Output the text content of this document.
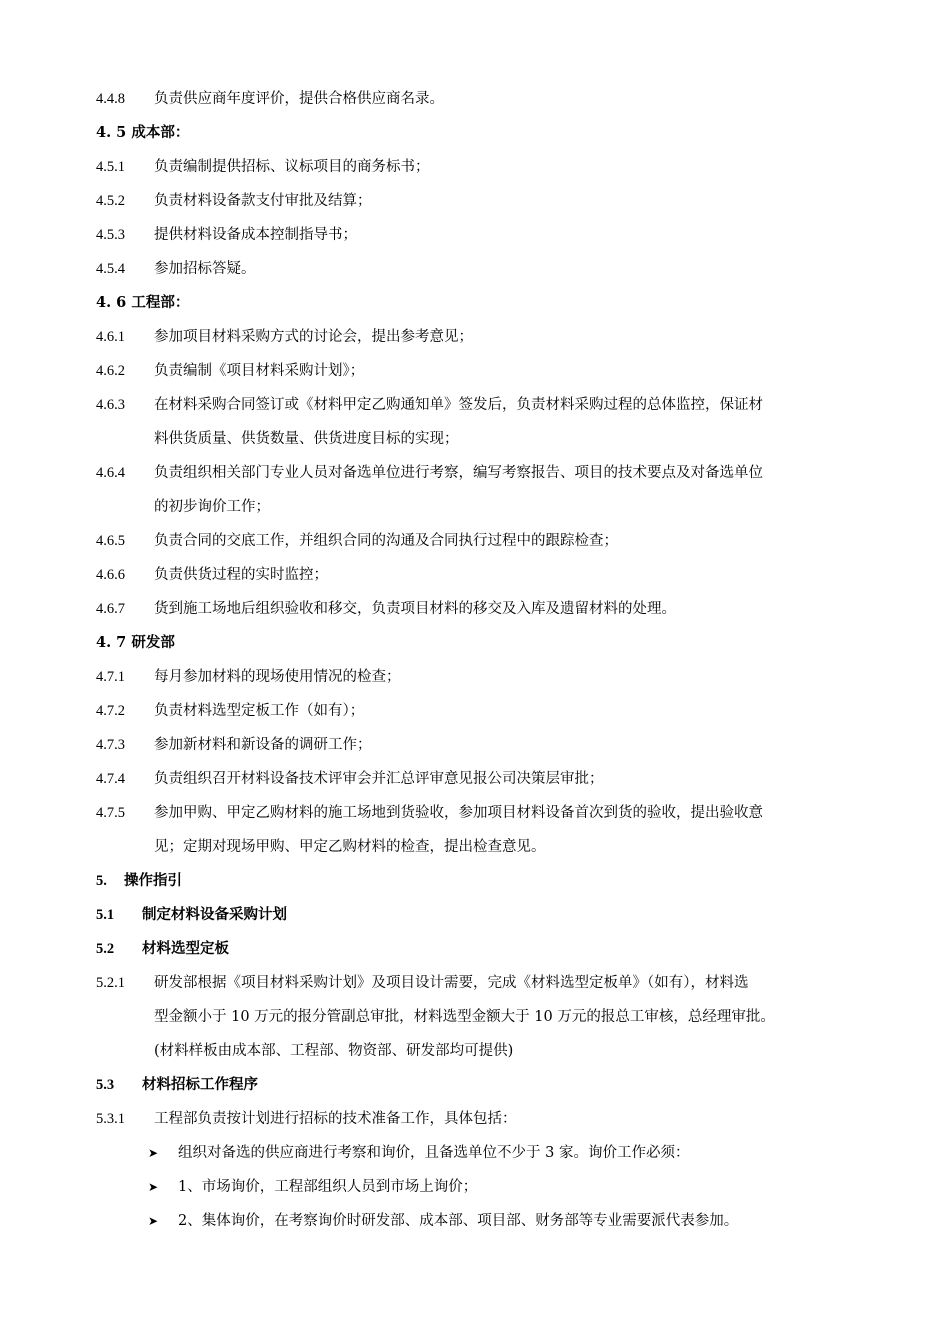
4.4.8 负责供应商年度评价，提供合格供应商名录。
4. 5 成本部：
4.5.1 负责编制提供招标、议标项目的商务标书；
4.5.2 负责材料设备款支付审批及结算；
4.5.3 提供材料设备成本控制指导书；
4.5.4 参加招标答疑。
4. 6 工程部：
4.6.1 参加项目材料采购方式的讨论会，提出参考意见；
4.6.2 负责编制《项目材料采购计划》；
4.6.3 在材料采购合同签订或《材料甲定乙购通知单》签发后，负责材料采购过程的总体监控，保证材
料供货质量、供货数量、供货进度目标的实现；
4.6.4 负责组织相关部门专业人员对备选单位进行考察，编写考察报告、项目的技术要点及对备选单位
的初步询价工作；
4.6.5 负责合同的交底工作，并组织合同的沟通及合同执行过程中的跟踪检查；
4.6.6 负责供货过程的实时监控；
4.6.7 货到施工场地后组织验收和移交，负责项目材料的移交及入库及遗留材料的处理。
4. 7 研发部
4.7.1 每月参加材料的现场使用情况的检查；
4.7.2 负责材料选型定板工作（如有）；
4.7.3 参加新材料和新设备的调研工作；
4.7.4 负责组织召开材料设备技术评审会并汇总评审意见报公司决策层审批；
4.7.5 参加甲购、甲定乙购材料的施工场地到货验收，参加项目材料设备首次到货的验收，提出验收意
见；定期对现场甲购、甲定乙购材料的检查，提出检查意见。
5. 操作指引
5.1 制定材料设备采购计划
5.2 材料选型定板
5.2.1 研发部根据《项目材料采购计划》及项目设计需要，完成《材料选型定板单》（如有），材料选
型金额小于 10 万元的报分管副总审批，材料选型金额大于 10 万元的报总工审核，总经理审批。
(材料样板由成本部、工程部、物资部、研发部均可提供)
5.3 材料招标工作程序
5.3.1 工程部负责按计划进行招标的技术准备工作，具体包括：
➤ 组织对备选的供应商进行考察和询价，且备选单位不少于 3 家。询价工作必须：
➤ 1、市场询价，工程部组织人员到市场上询价；
➤ 2、集体询价，在考察询价时研发部、成本部、项目部、财务部等专业需要派代表参加。
